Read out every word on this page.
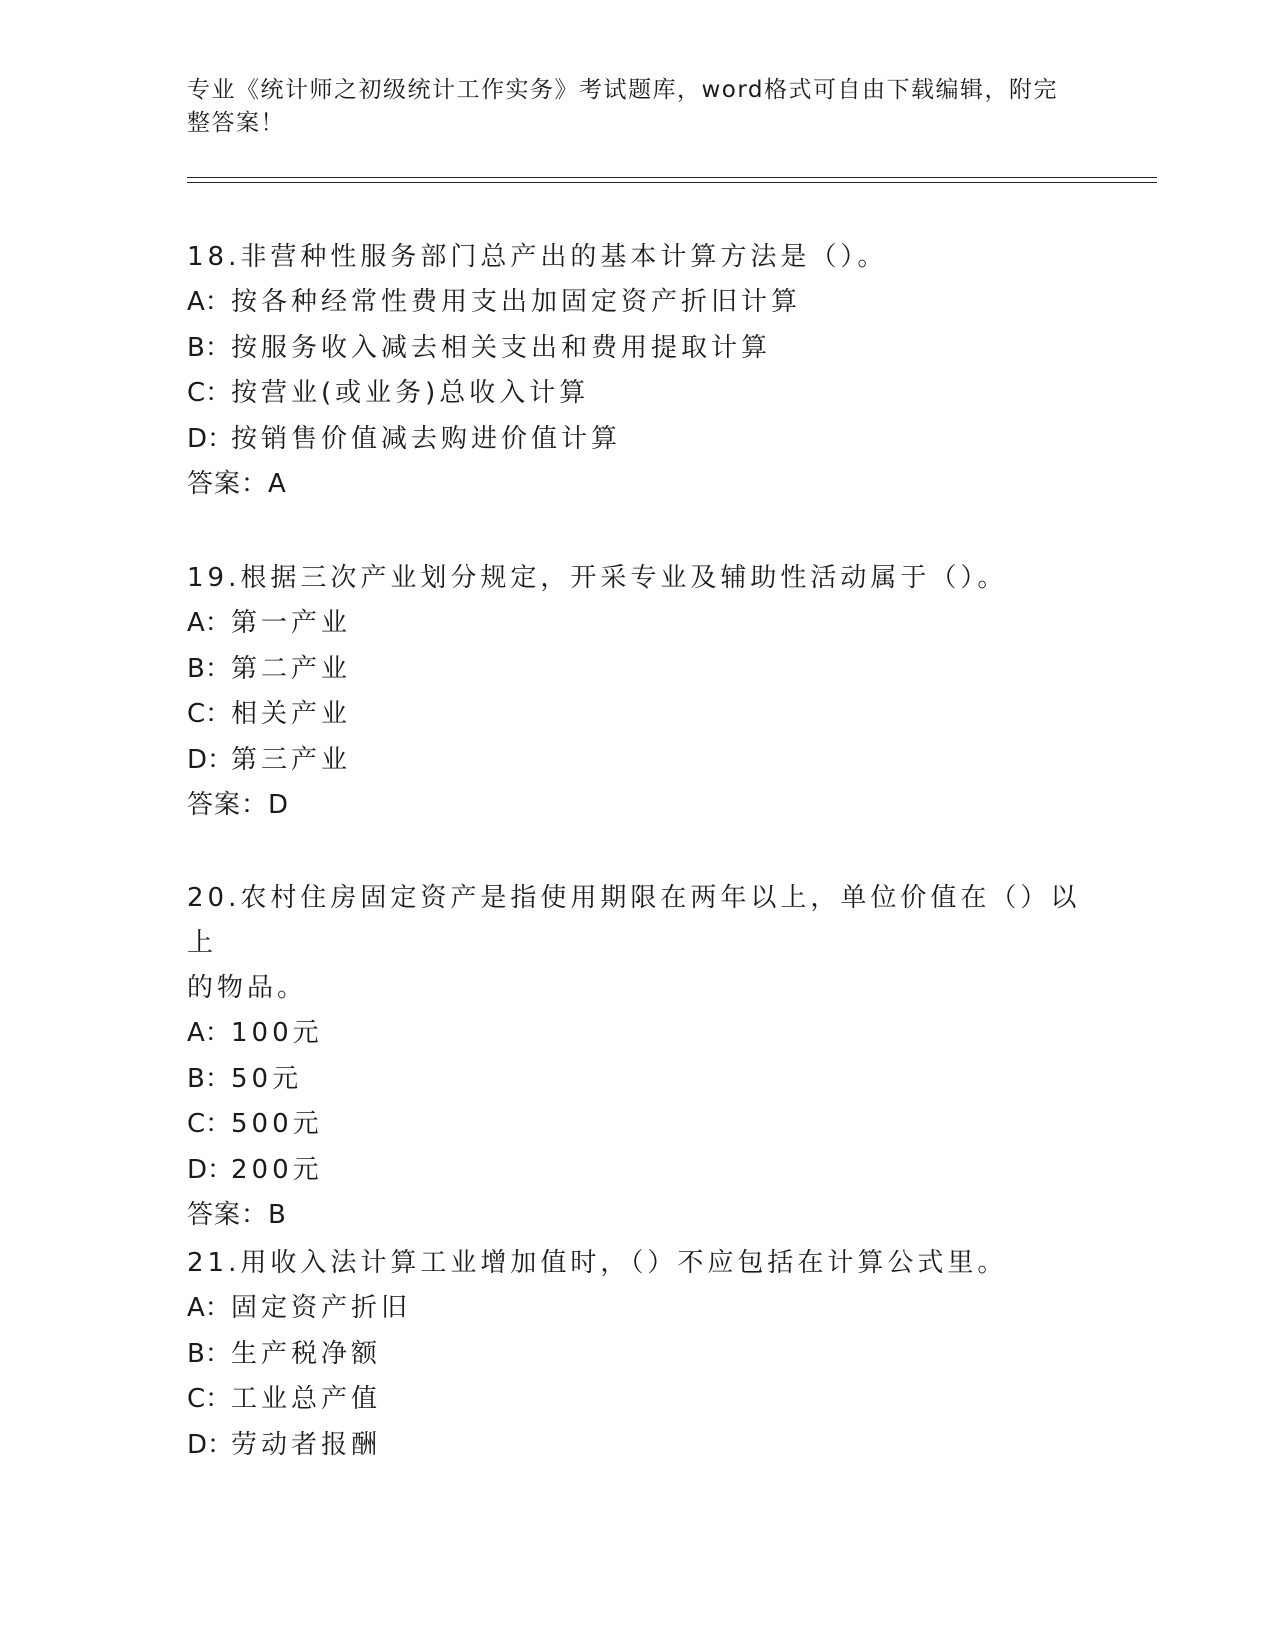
专业《统计师之初级统计工作实务》考试题库，word格式可自由下载编辑，附完
整答案！

18.非营种性服务部门总产出的基本计算方法是（）。

A：按各种经常性费用支出加固定资产折旧计算

B：按服务收入减去相关支出和费用提取计算

C：按营业(或业务)总收入计算

D：按销售价值减去购进价值计算

答案：A

19.根据三次产业划分规定，开采专业及辅助性活动属于（）。

A：第一产业

B：第二产业

C：相关产业

D：第三产业

答案：D

20.农村住房固定资产是指使用期限在两年以上，单位价值在（）以上

的物品。

A：100元

B：50元

C：500元

D：200元

答案：B

21.用收入法计算工业增加值时，（）不应包括在计算公式里。

A：固定资产折旧

B：生产税净额

C：工业总产值

D：劳动者报酬
